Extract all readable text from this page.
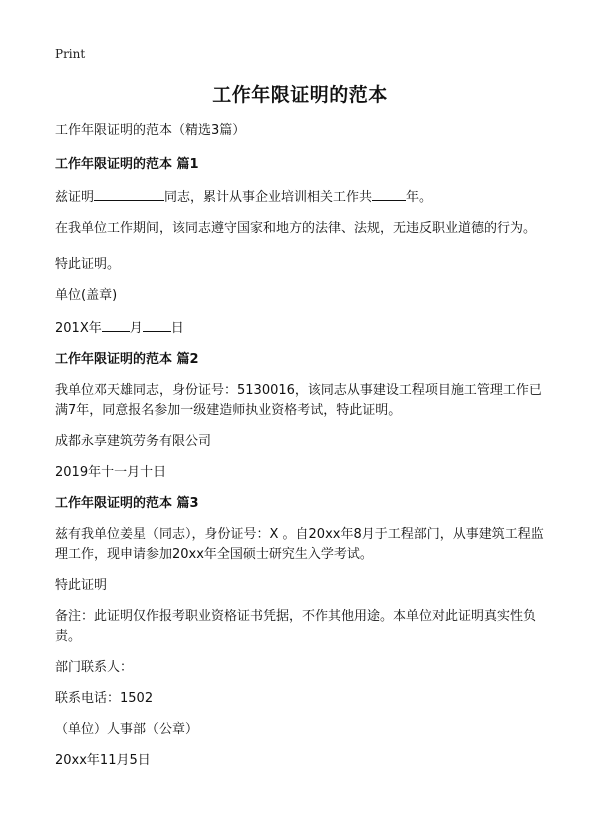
Print
工作年限证明的范本

工作年限证明的范本（精选3篇）

工作年限证明的范本 篇1

兹证明	同志，累计从事企业培训相关工作共	年。

在我单位工作期间，该同志遵守国家和地方的法律、法规，无违反职业道德的行为。

特此证明。

单位(盖章)

201X年 月 日

工作年限证明的范本 篇2

我单位邓天雄同志，身份证号：5130016，该同志从事建设工程项目施工管理工作已满7年，同意报名参加一级建造师执业资格考试，特此证明。

成都永享建筑劳务有限公司

2019年十一月十日

工作年限证明的范本 篇3

兹有我单位姜星（同志），身份证号：X 。自20xx年8月于工程部门，从事建筑工程监理工作，现申请参加20xx年全国硕士研究生入学考试。

特此证明

备注：此证明仅作报考职业资格证书凭据，不作其他用途。本单位对此证明真实性负责。

部门联系人：

联系电话：1502

（单位）人事部（公章）

20xx年11月5日
